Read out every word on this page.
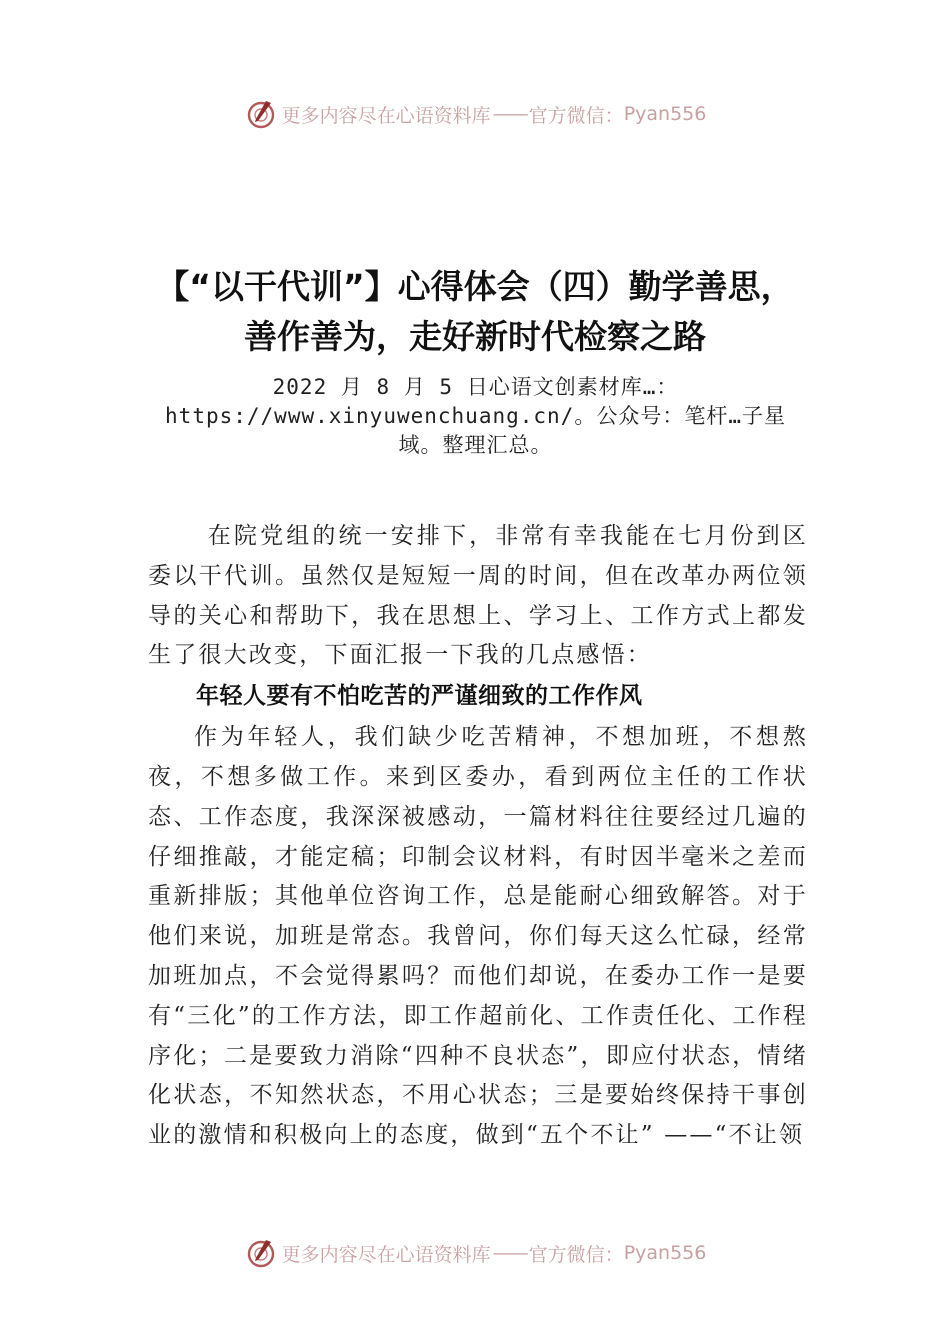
更多内容尽在心语资料库 —— 官方微信： Pyan556
【“以干代训”】心得体会（四）勤学善思，
善作善为，走好新时代检察之路
2022 月 8 月 5 日心语文创素材库…：
https://www.xinyuwenchuang.cn/。公众号：笔杆…子星
域。整理汇总。

在院党组的统一安排下，非常有幸我能在七月份到区委以干代训。虽然仅是短短一周的时间，但在改革办两位领导的关心和帮助下，我在思想上、学习上、工作方式上都发生了很大改变，下面汇报一下我的几点感悟：

年轻人要有不怕吃苦的严谨细致的工作作风

作为年轻人，我们缺少吃苦精神，不想加班，不想熬夜，不想多做工作。来到区委办，看到两位主任的工作状态、工作态度，我深深被感动，一篇材料往往要经过几遍的仔细推敲，才能定稿；印制会议材料，有时因半毫米之差而重新排版；其他单位咨询工作，总是能耐心细致解答。对于他们来说，加班是常态。我曾问，你们每天这么忙碌，经常加班加点，不会觉得累吗？而他们却说，在委办工作一是要有“三化”的工作方法，即工作超前化、工作责任化、工作程序化；二是要致力消除“四种不良状态”，即应付状态，情绪化状态，不知然状态，不用心状态；三是要始终保持干事创业的激情和积极向上的态度，做到“五个不让” ——“不让领

更多内容尽在心语资料库 —— 官方微信： Pyan556
